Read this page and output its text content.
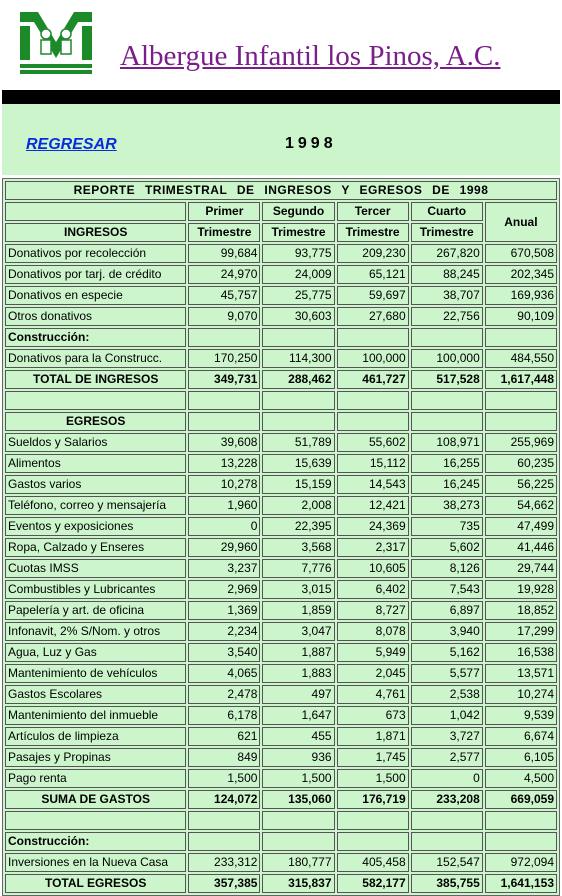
Albergue Infantil los Pinos, A.C.
REGRESAR	1998
REPORTE TRIMESTRAL DE INGRESOS Y EGRESOS DE 1998					
	Primer	Segundo	Tercer	Cuarto	Anual
INGRESOS	Trimestre	Trimestre	Trimestre	Trimestre	
Donativos por recolección	99,684	93,775	209,230	267,820	670,508
Donativos por tarj. de crédito	24,970	24,009	65,121	88,245	202,345
Donativos en especie	45,757	25,775	59,697	38,707	169,936
Otros donativos	9,070	30,603	27,680	22,756	90,109
Construcción:					
Donativos para la Construcc.	170,250	114,300	100,000	100,000	484,550
TOTAL DE INGRESOS	349,731	288,462	461,727	517,528	1,617,448

EGRESOS					
Sueldos y Salarios	39,608	51,789	55,602	108,971	255,969
Alimentos	13,228	15,639	15,112	16,255	60,235
Gastos varios	10,278	15,159	14,543	16,245	56,225
Teléfono, correo y mensajería	1,960	2,008	12,421	38,273	54,662
Eventos y exposiciones	0	22,395	24,369	735	47,499
Ropa, Calzado y Enseres	29,960	3,568	2,317	5,602	41,446
Cuotas IMSS	3,237	7,776	10,605	8,126	29,744
Combustibles y Lubricantes	2,969	3,015	6,402	7,543	19,928
Papelería y art. de oficina	1,369	1,859	8,727	6,897	18,852
Infonavit, 2% S/Nom. y otros	2,234	3,047	8,078	3,940	17,299
Agua, Luz y Gas	3,540	1,887	5,949	5,162	16,538
Mantenimiento de vehículos	4,065	1,883	2,045	5,577	13,571
Gastos Escolares	2,478	497	4,761	2,538	10,274
Mantenimiento del inmueble	6,178	1,647	673	1,042	9,539
Artículos de limpieza	621	455	1,871	3,727	6,674
Pasajes y Propinas	849	936	1,745	2,577	6,105
Pago renta	1,500	1,500	1,500	0	4,500
SUMA DE GASTOS	124,072	135,060	176,719	233,208	669,059

Construcción:					
Inversiones en la Nueva Casa	233,312	180,777	405,458	152,547	972,094
TOTAL EGRESOS	357,385	315,837	582,177	385,755	1,641,153
